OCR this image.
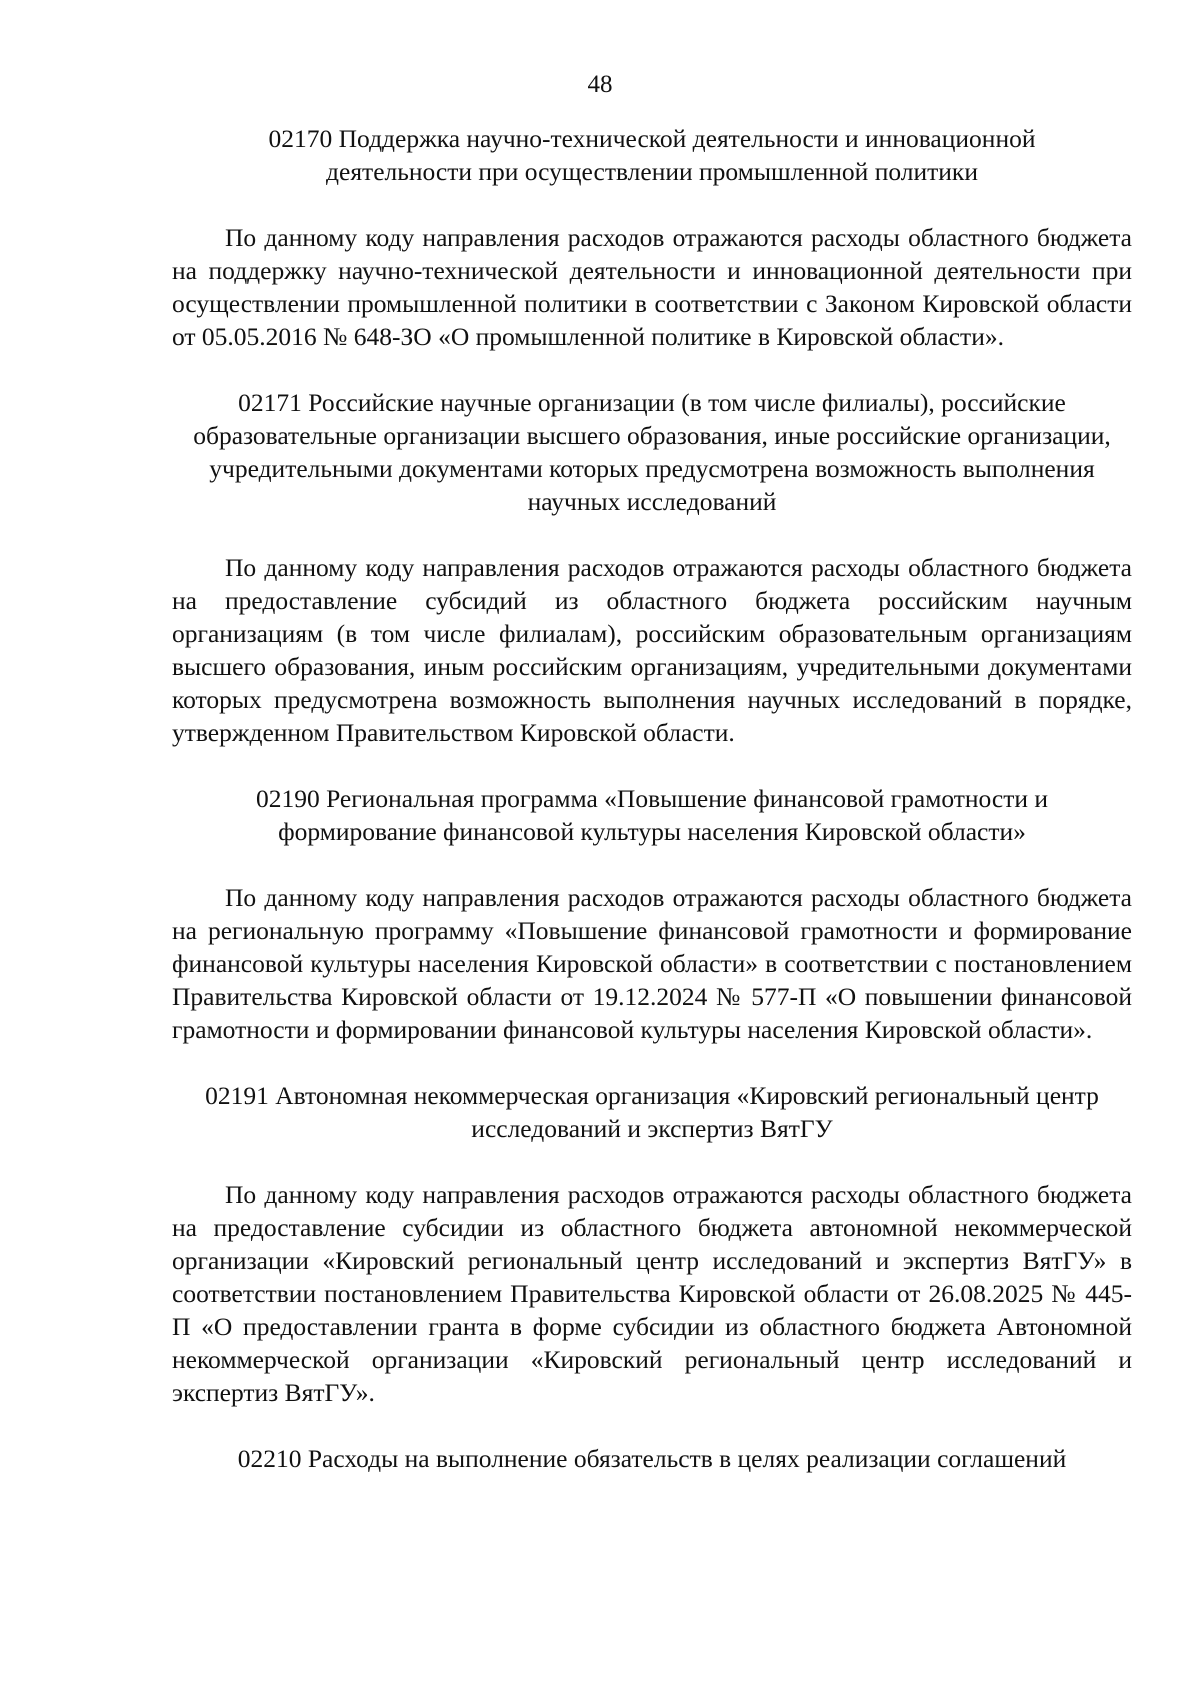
48

02170 Поддержка научно-технической деятельности и инновационной деятельности при осуществлении промышленной политики

По данному коду направления расходов отражаются расходы областного бюджета на поддержку научно-технической деятельности и инновационной деятельности при осуществлении промышленной политики в соответствии с Законом Кировской области от 05.05.2016 № 648-ЗО «О промышленной политике в Кировской области».

02171 Российские научные организации (в том числе филиалы), российские образовательные организации высшего образования, иные российские организации, учредительными документами которых предусмотрена возможность выполнения научных исследований

По данному коду направления расходов отражаются расходы областного бюджета на предоставление субсидий из областного бюджета российским научным организациям (в том числе филиалам), российским образовательным организациям высшего образования, иным российским организациям, учредительными документами которых предусмотрена возможность выполнения научных исследований в порядке, утвержденном Правительством Кировской области.

02190 Региональная программа «Повышение финансовой грамотности и формирование финансовой культуры населения Кировской области»

По данному коду направления расходов отражаются расходы областного бюджета на региональную программу «Повышение финансовой грамотности и формирование финансовой культуры населения Кировской области» в соответствии с постановлением Правительства Кировской области от 19.12.2024 № 577-П «О повышении финансовой грамотности и формировании финансовой культуры населения Кировской области».

02191 Автономная некоммерческая организация «Кировский региональный центр исследований и экспертиз ВятГУ

По данному коду направления расходов отражаются расходы областного бюджета на предоставление субсидии из областного бюджета автономной некоммерческой организации «Кировский региональный центр исследований и экспертиз ВятГУ» в соответствии постановлением Правительства Кировской области от 26.08.2025 № 445-П «О предоставлении гранта в форме субсидии из областного бюджета Автономной некоммерческой организации «Кировский региональный центр исследований и экспертиз ВятГУ».

02210 Расходы на выполнение обязательств в целях реализации соглашений
